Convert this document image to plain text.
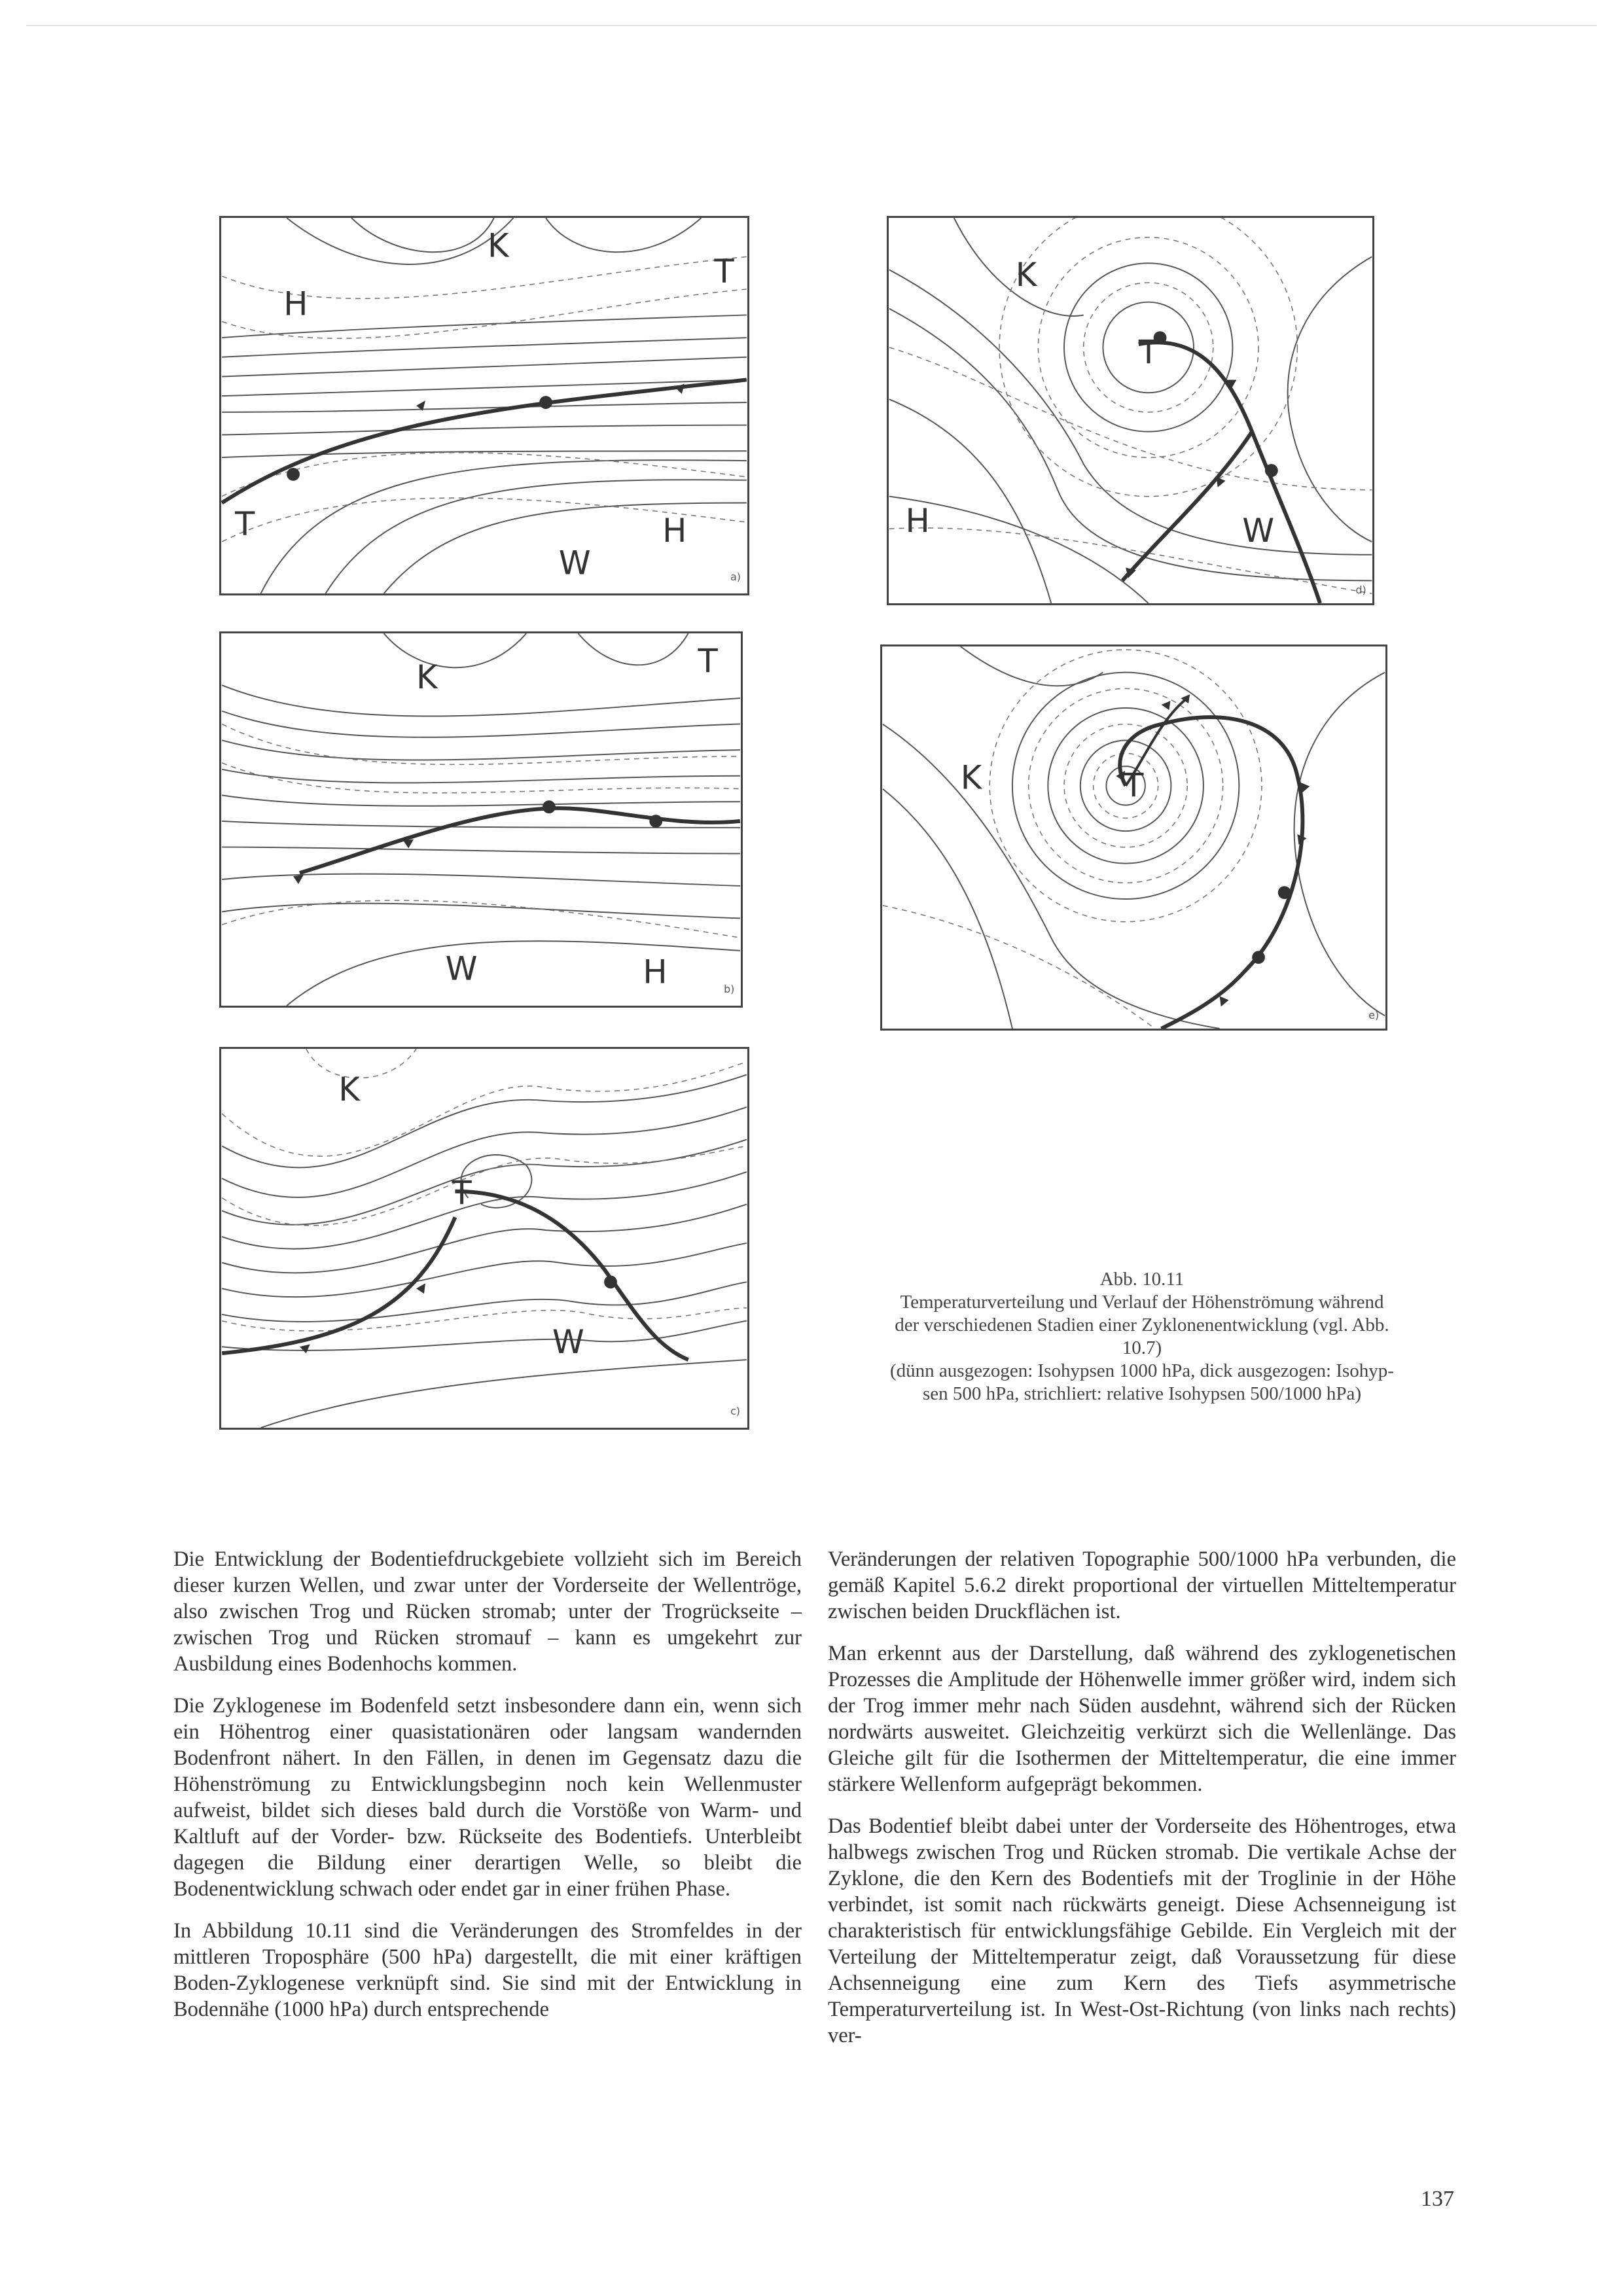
H
K
T
T	H
W	a)
K	T
W	H	b)
K
T
W
c)
K
T
H	W
d)
K	T
e)
Abb. 10.11
Temperaturverteilung und Verlauf der Höhenströmung während
der verschiedenen Stadien einer Zyklonenentwicklung (vgl. Abb.
10.7)
(dünn ausgezogen: Isohypsen 1000 hPa, dick ausgezogen: Isohyp-
sen 500 hPa, strichliert: relative Isohypsen 500/1000 hPa)

Die Entwicklung der Bodentiefdruckgebiete vollzieht sich im Bereich dieser kurzen Wellen, und zwar unter der Vorderseite der Wellentröge, also zwischen Trog und Rücken stromab; unter der Trogrückseite – zwischen Trog und Rücken stromauf – kann es umgekehrt zur Ausbildung eines Bodenhochs kommen.

Die Zyklogenese im Bodenfeld setzt insbesondere dann ein, wenn sich ein Höhentrog einer quasistationären oder langsam wandernden Bodenfront nähert. In den Fällen, in denen im Gegensatz dazu die Höhenströmung zu Entwicklungsbeginn noch kein Wellenmuster aufweist, bildet sich dieses bald durch die Vorstöße von Warm- und Kaltluft auf der Vorder- bzw. Rückseite des Bodentiefs. Unterbleibt dagegen die Bildung einer derartigen Welle, so bleibt die Bodenentwicklung schwach oder endet gar in einer frühen Phase.

In Abbildung 10.11 sind die Veränderungen des Stromfeldes in der mittleren Troposphäre (500 hPa) dargestellt, die mit einer kräftigen Boden-Zyklogenese verknüpft sind. Sie sind mit der Entwicklung in Bodennähe (1000 hPa) durch entsprechende

Veränderungen der relativen Topographie 500/1000 hPa verbunden, die gemäß Kapitel 5.6.2 direkt proportional der virtuellen Mitteltemperatur zwischen beiden Druckflächen ist.

Man erkennt aus der Darstellung, daß während des zyklogenetischen Prozesses die Amplitude der Höhenwelle immer größer wird, indem sich der Trog immer mehr nach Süden ausdehnt, während sich der Rücken nordwärts ausweitet. Gleichzeitig verkürzt sich die Wellenlänge. Das Gleiche gilt für die Isothermen der Mitteltemperatur, die eine immer stärkere Wellenform aufgeprägt bekommen.

Das Bodentief bleibt dabei unter der Vorderseite des Höhentroges, etwa halbwegs zwischen Trog und Rücken stromab. Die vertikale Achse der Zyklone, die den Kern des Bodentiefs mit der Troglinie in der Höhe verbindet, ist somit nach rückwärts geneigt. Diese Achsenneigung ist charakteristisch für entwicklungsfähige Gebilde. Ein Vergleich mit der Verteilung der Mitteltemperatur zeigt, daß Voraussetzung für diese Achsenneigung eine zum Kern des Tiefs asymmetrische Temperaturverteilung ist. In West-Ost-Richtung (von links nach rechts) ver-

137
